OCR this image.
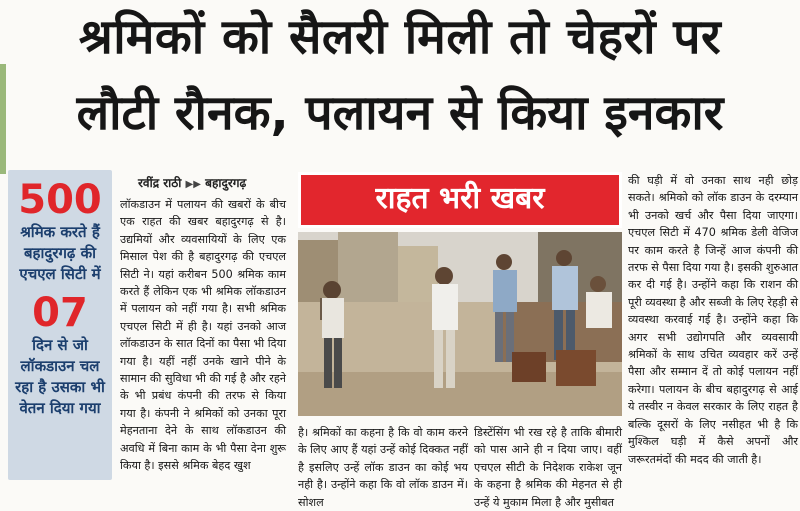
श्रमिकों को सैलरी मिली तो चेहरों पर
लौटी रौनक, पलायन से किया इनकार
500
श्रमिक करते हैं बहादुरगढ़ की एचएल सिटी में
07
दिन से जो लॉकडाउन चल रहा है उसका भी वेतन दिया गया
रवींद्र राठी ▶▶ बहादुरगढ़
लॉकडाउन में पलायन की खबरों के बीच एक राहत की खबर बहादुरगढ़ से है। उद्यमियों और व्यवसायियों के लिए एक मिसाल पेश की है बहादुरगढ़ की एचएल सिटी ने। यहां करीबन 500 श्रमिक काम करते हैं लेकिन एक भी श्रमिक लॉकडाउन में पलायन को नहीं गया है। सभी श्रमिक एचएल सिटी में ही है। यहां उनको आज लॉकडाउन के सात दिनों का पैसा भी दिया गया है। यहीं नहीं उनके खाने पीने के सामान की सुविधा भी की गई है और रहने के भी प्रबंध कंपनी की तरफ से किया गया है। कंपनी ने श्रमिकों को उनका पूरा मेहनताना देने के साथ लॉकडाउन की अवधि में बिना काम के भी पैसा देना शुरू किया है। इससे श्रमिक बेहद खुश
राहत भरी खबर
है। श्रमिकों का कहना है कि वो काम करने के लिए आए हैं यहां उन्हें कोई दिक्कत नहीं है इसलिए उन्हें लॉक डाउन का कोई भय नही है। उन्होंने कहा कि वो लॉक डाउन में। सोशल
डिस्टेंसिंग भी रख रहे है ताकि बीमारी को पास आने ही न दिया जाए। वहीं एचएल सीटी के निदेशक राकेश जून के कहना है श्रमिक की मेहनत से ही उन्हें ये मुकाम मिला है और मुसीबत
की घड़ी में वो उनका साथ नही छोड़ सकते। श्रमिको को लॉक डाउन के दरम्यान भी उनको खर्च और पैसा दिया जाएगा। एचएल सिटी में 470 श्रमिक डेली वेजिज पर काम करते है जिन्हें आज कंपनी की तरफ से पैसा दिया गया है। इसकी शुरुआत कर दी गई है। उन्होंने कहा कि राशन की पूरी व्यवस्था है और सब्जी के लिए रेहड़ी से व्यवस्था करवाई गई है। उन्होंने कहा कि अगर सभी उद्योगपति और व्यवसायी श्रमिकों के साथ उचित व्यवहार करें उन्हें पैसा और सम्मान दें तो कोई पलायन नहीं करेगा। पलायन के बीच बहादुरगढ़ से आई ये तस्वीर न केवल सरकार के लिए राहत है बल्कि दूसरों के लिए नसीहत भी है कि मुश्किल घड़ी में कैसे अपनों और जरूरतमंदों की मदद की जाती है।
